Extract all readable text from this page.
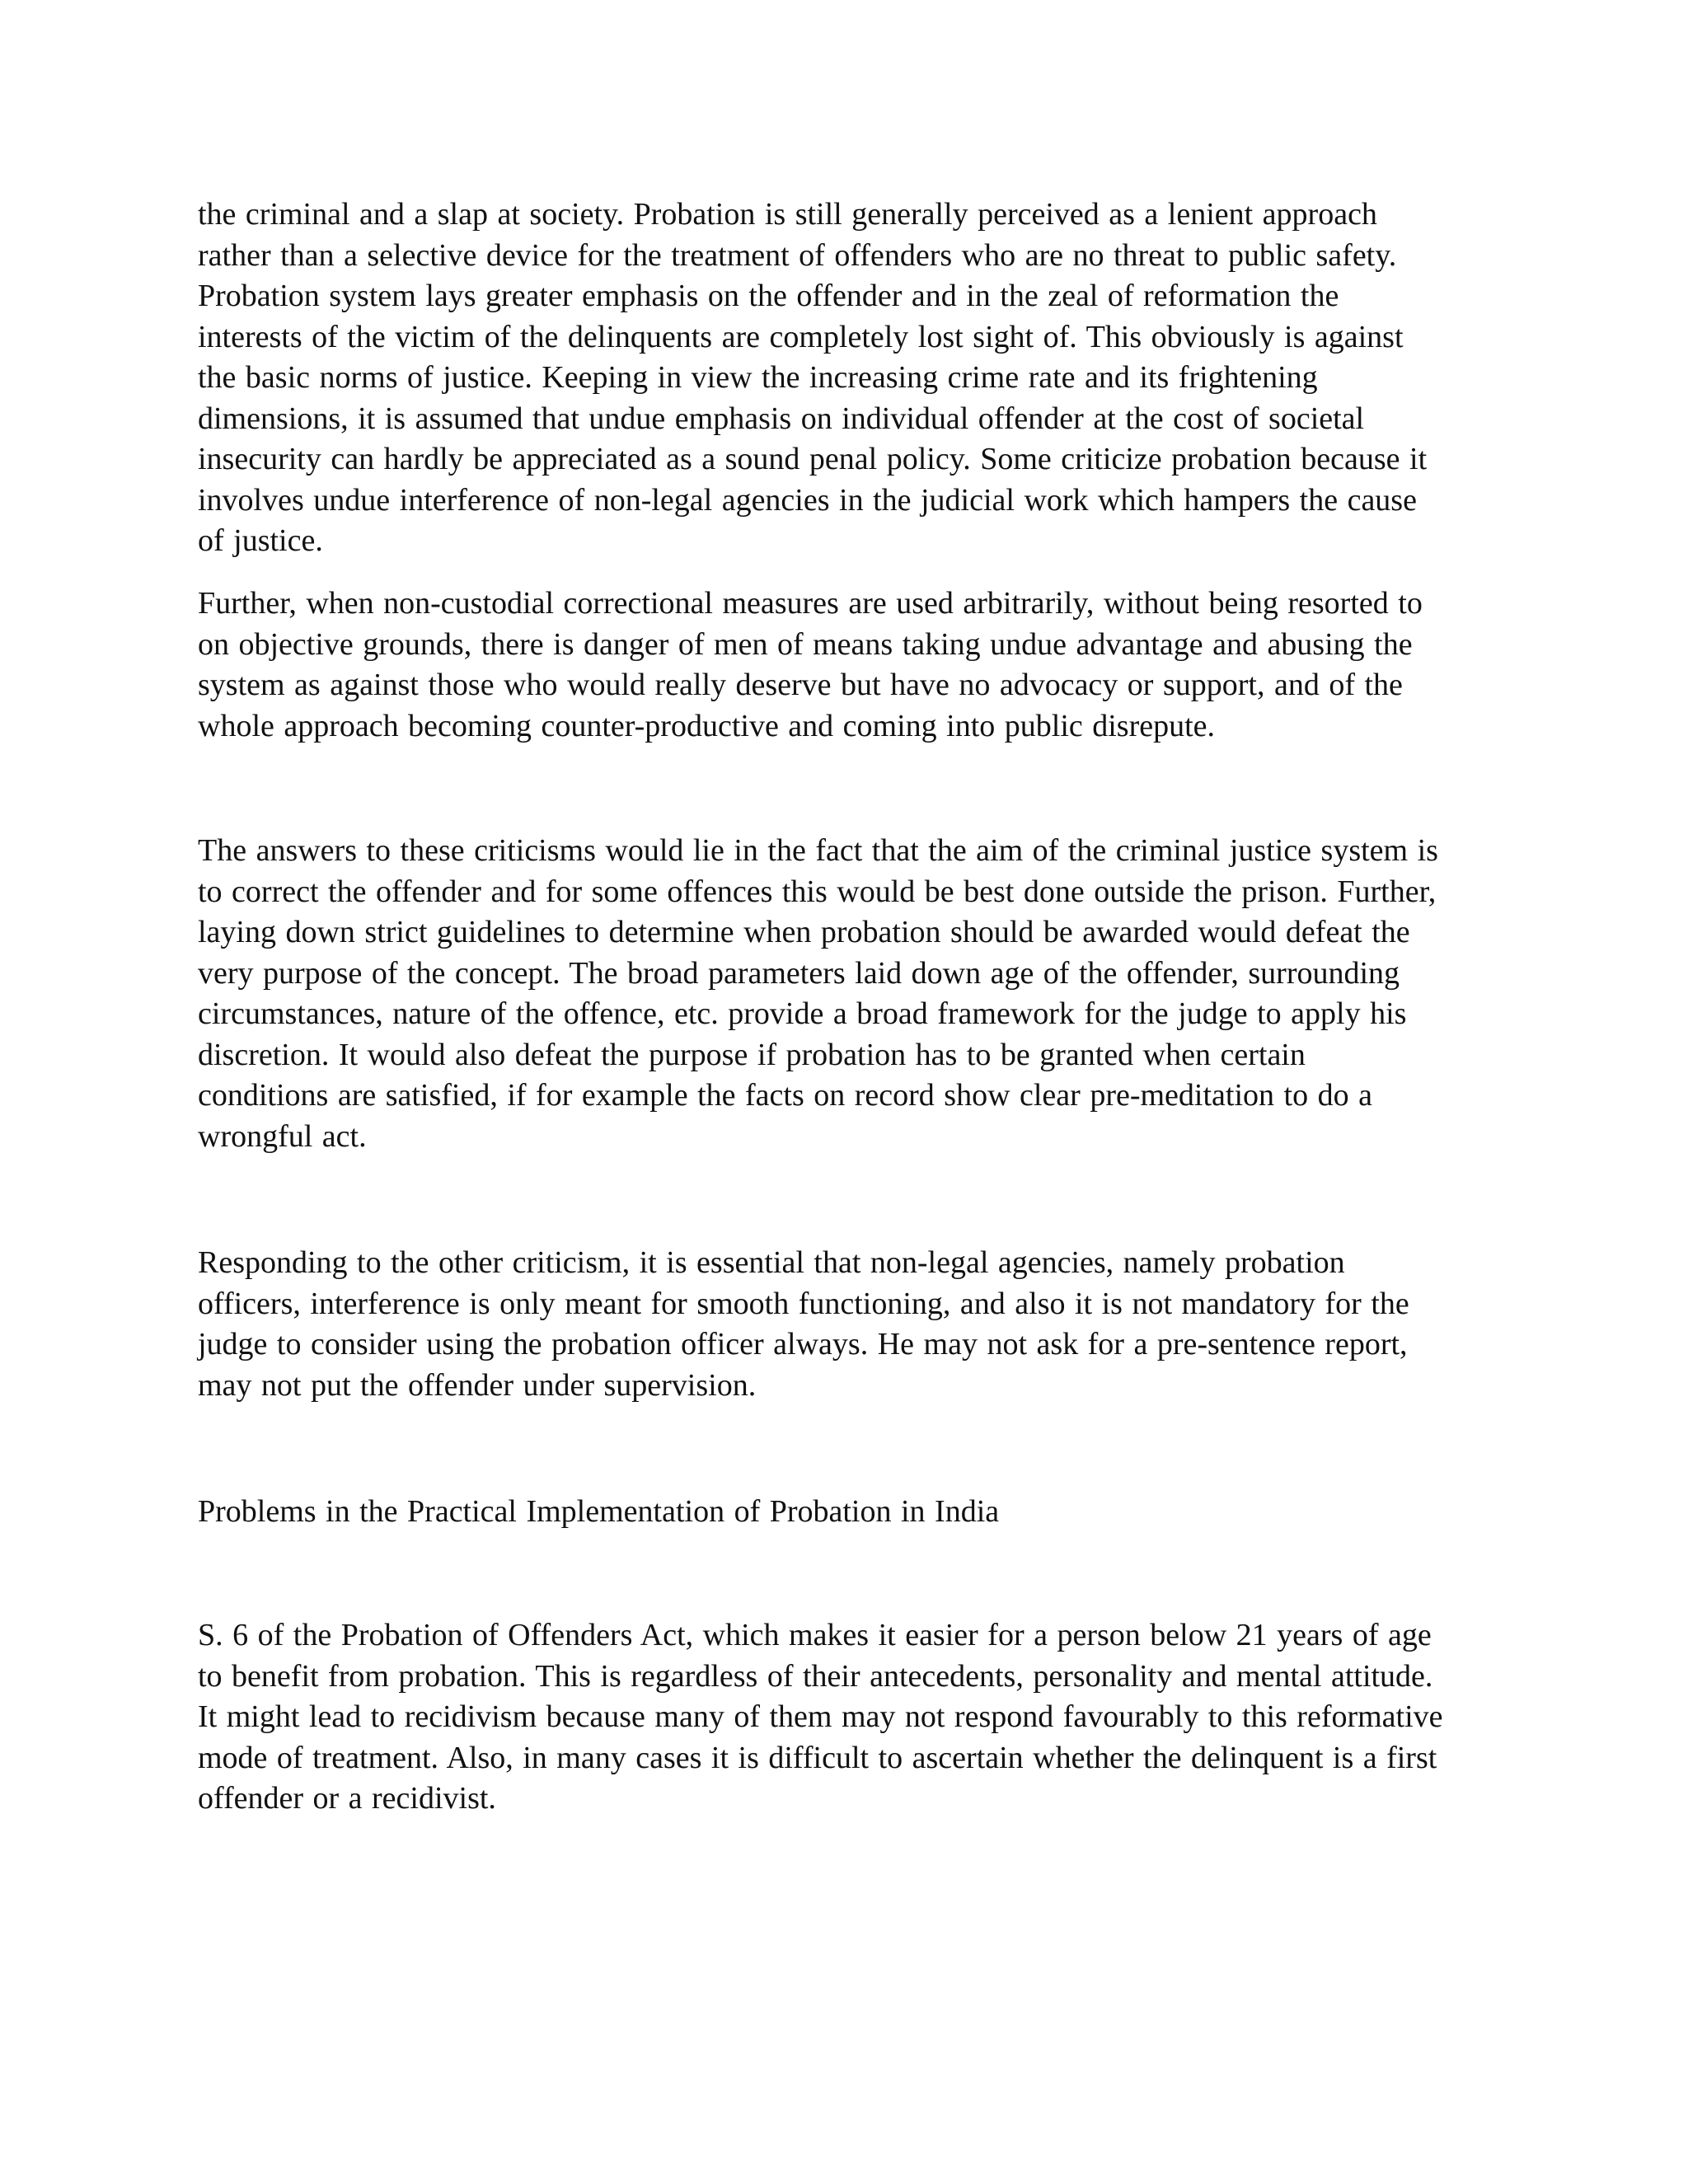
the criminal and a slap at society. Probation is still generally perceived as a lenient approach
rather than a selective device for the treatment of offenders who are no threat to public safety.
Probation system lays greater emphasis on the offender and in the zeal of reformation the
interests of the victim of the delinquents are completely lost sight of. This obviously is against
the basic norms of justice. Keeping in view the increasing crime rate and its frightening
dimensions, it is assumed that undue emphasis on individual offender at the cost of societal
insecurity can hardly be appreciated as a sound penal policy. Some criticize probation because it
involves undue interference of non-legal agencies in the judicial work which hampers the cause
of justice.

Further, when non-custodial correctional measures are used arbitrarily, without being resorted to
on objective grounds, there is danger of men of means taking undue advantage and abusing the
system as against those who would really deserve but have no advocacy or support, and of the
whole approach becoming counter-productive and coming into public disrepute.

The answers to these criticisms would lie in the fact that the aim of the criminal justice system is
to correct the offender and for some offences this would be best done outside the prison. Further,
laying down strict guidelines to determine when probation should be awarded would defeat the
very purpose of the concept. The broad parameters laid down age of the offender, surrounding
circumstances, nature of the offence, etc. provide a broad framework for the judge to apply his
discretion. It would also defeat the purpose if probation has to be granted when certain
conditions are satisfied, if for example the facts on record show clear pre-meditation to do a
wrongful act.

Responding to the other criticism, it is essential that non-legal agencies, namely probation
officers, interference is only meant for smooth functioning, and also it is not mandatory for the
judge to consider using the probation officer always. He may not ask for a pre-sentence report,
may not put the offender under supervision.

Problems in the Practical Implementation of Probation in India

S. 6 of the Probation of Offenders Act, which makes it easier for a person below 21 years of age
to benefit from probation. This is regardless of their antecedents, personality and mental attitude.
It might lead to recidivism because many of them may not respond favourably to this reformative
mode of treatment. Also, in many cases it is difficult to ascertain whether the delinquent is a first
offender or a recidivist.
